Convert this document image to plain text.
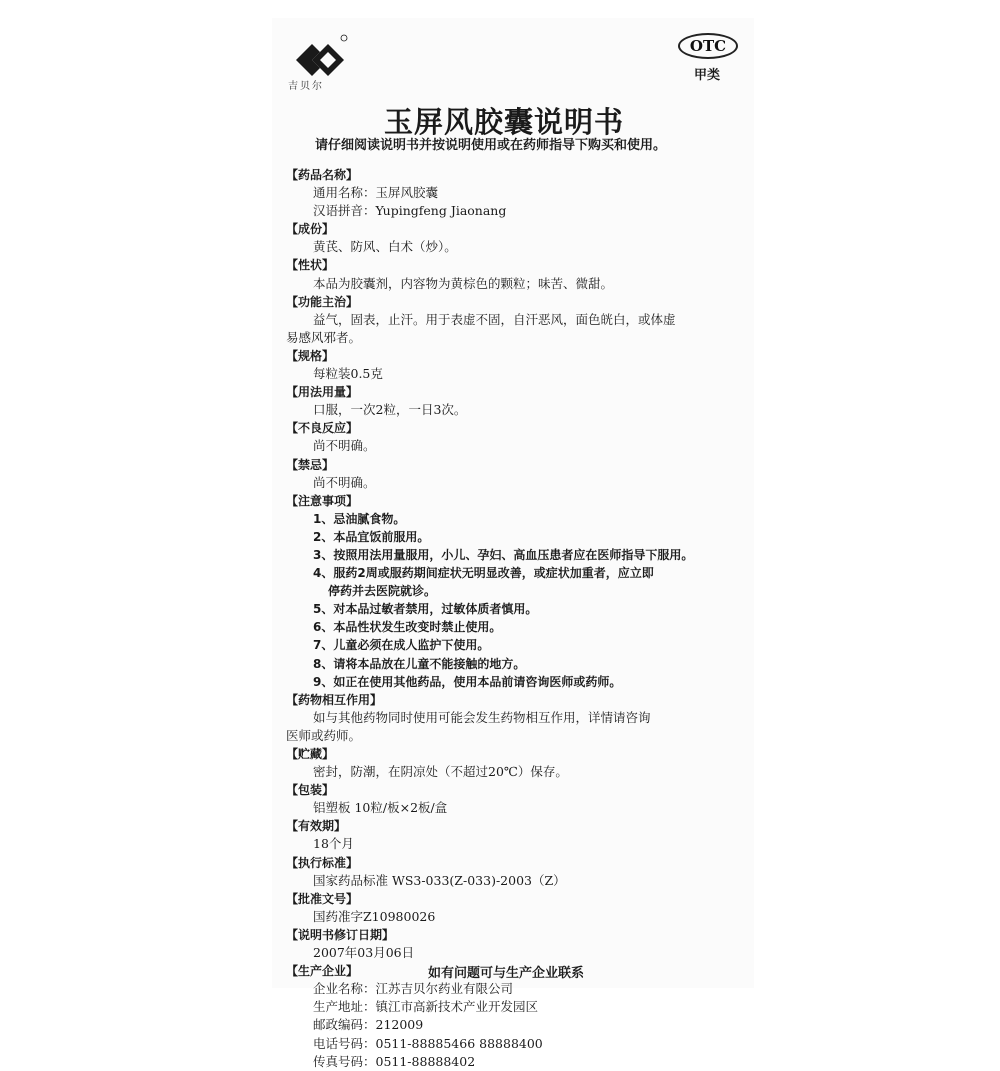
吉贝尔
OTC
甲类
玉屏风胶囊说明书
请仔细阅读说明书并按说明使用或在药师指导下购买和使用。
【药品名称】
通用名称：玉屏风胶囊
汉语拼音：Yupingfeng Jiaonang
【成份】
黄芪、防风、白术（炒）。
【性状】
本品为胶囊剂，内容物为黄棕色的颗粒；味苦、微甜。
【功能主治】
益气，固表，止汗。用于表虚不固，自汗恶风，面色㿠白，或体虚
易感风邪者。
【规格】
每粒装0.5克
【用法用量】
口服，一次2粒，一日3次。
【不良反应】
尚不明确。
【禁忌】
尚不明确。
【注意事项】
1、忌油腻食物。
2、本品宜饭前服用。
3、按照用法用量服用，小儿、孕妇、高血压患者应在医师指导下服用。
4、服药2周或服药期间症状无明显改善，或症状加重者，应立即
停药并去医院就诊。
5、对本品过敏者禁用，过敏体质者慎用。
6、本品性状发生改变时禁止使用。
7、儿童必须在成人监护下使用。
8、请将本品放在儿童不能接触的地方。
9、如正在使用其他药品，使用本品前请咨询医师或药师。
【药物相互作用】
如与其他药物同时使用可能会发生药物相互作用，详情请咨询
医师或药师。
【贮藏】
密封，防潮，在阴凉处（不超过20℃）保存。
【包装】
铝塑板 10粒/板×2板/盒
【有效期】
18个月
【执行标准】
国家药品标准 WS3-033(Z-033)-2003（Z）
【批准文号】
国药准字Z10980026
【说明书修订日期】
2007年03月06日
【生产企业】
企业名称：江苏吉贝尔药业有限公司
生产地址：镇江市高新技术产业开发园区
邮政编码：212009
电话号码：0511-88885466 88888400
传真号码：0511-88888402
如有问题可与生产企业联系
